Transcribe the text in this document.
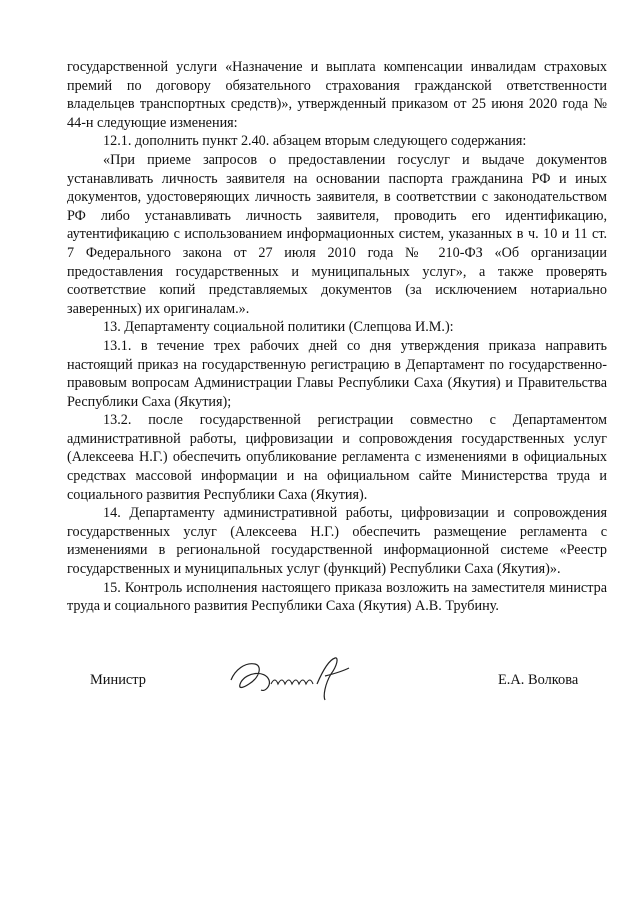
государственной услуги «Назначение и выплата компенсации инвалидам страховых премий по договору обязательного страхования гражданской ответственности владельцев транспортных средств)», утвержденный приказом от 25 июня 2020 года № 44-н следующие изменения:

12.1. дополнить пункт 2.40. абзацем вторым следующего содержания:

«При приеме запросов о предоставлении госуслуг и выдаче документов устанавливать личность заявителя на основании паспорта гражданина РФ и иных документов, удостоверяющих личность заявителя, в соответствии с законодательством РФ либо устанавливать личность заявителя, проводить его идентификацию, аутентификацию с использованием информационных систем, указанных в ч. 10 и 11 ст. 7 Федерального закона от 27 июля 2010 года № 210-ФЗ «Об организации предоставления государственных и муниципальных услуг», а также проверять соответствие копий представляемых документов (за исключением нотариально заверенных) их оригиналам.».

13. Департаменту социальной политики (Слепцова И.М.):

13.1. в течение трех рабочих дней со дня утверждения приказа направить настоящий приказ на государственную регистрацию в Департамент по государственно-правовым вопросам Администрации Главы Республики Саха (Якутия) и Правительства Республики Саха (Якутия);

13.2. после государственной регистрации совместно с Департаментом административной работы, цифровизации и сопровождения государственных услуг (Алексеева Н.Г.) обеспечить опубликование регламента с изменениями в официальных средствах массовой информации и на официальном сайте Министерства труда и социального развития Республики Саха (Якутия).

14. Департаменту административной работы, цифровизации и сопровождения государственных услуг (Алексеева Н.Г.) обеспечить размещение регламента с изменениями в региональной государственной информационной системе «Реестр государственных и муниципальных услуг (функций) Республики Саха (Якутия)».

15. Контроль исполнения настоящего приказа возложить на заместителя министра труда и социального развития Республики Саха (Якутия) А.В. Трубину.

Министр	Е.А. Волкова
